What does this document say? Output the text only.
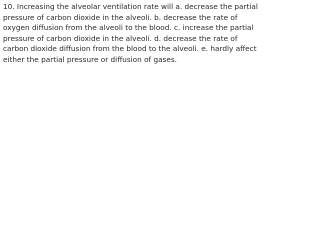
10. Increasing the alveolar ventilation rate will a. decrease the partial pressure of carbon dioxide in the alveoli. b. decrease the rate of oxygen diffusion from the alveoli to the blood. c. increase the partial pressure of carbon dioxide in the alveoli. d. decrease the rate of carbon dioxide diffusion from the blood to the alveoli. e. hardly affect either the partial pressure or diffusion of gases.
